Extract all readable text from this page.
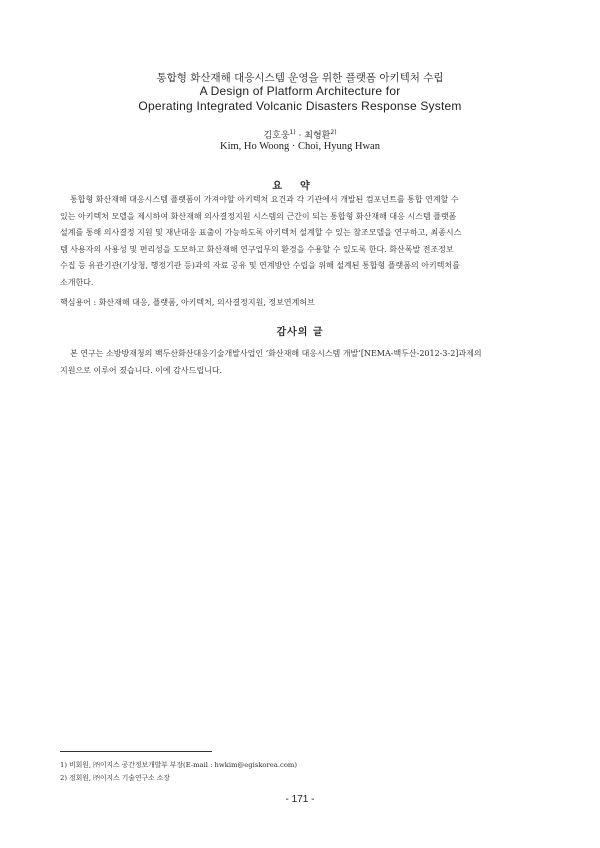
통합형 화산재해 대응시스템 운영을 위한 플랫폼 아키텍처 수립
A Design of Platform Architecture for
Operating Integrated Volcanic Disasters Response System
김호웅$^{1)}$ · 최형환$^{2)}$
Kim, Ho Woong · Choi, Hyung Hwan
요약
통합형 화산재해 대응시스템 플랫폼이 가져야할 아키텍처 요건과 각 기관에서 개발된 컴포넌트를 통합 연계할 수
있는 아키텍처 모델을 제시하여 화산재해 의사결정지원 시스템의 근간이 되는 통합형 화산재해 대응 시스템 플랫폼
설계를 통해 의사결정 지원 및 재난대응 표출이 가능하도록 아키텍처 설계할 수 있는 참조모델을 연구하고, 최종시스
템 사용자의 사용성 및 편리성을 도모하고 화산재해 연구업무의 환경을 수용할 수 있도록 한다. 화산폭발 전조정보
수집 등 유관기관(기상청, 행정기관 등)과의 자료 공유 및 연계방안 수립을 위해 설계된 통합형 플랫폼의 아키텍처를
소개한다.
핵심용어 : 화산재해 대응, 플랫폼, 아키텍처, 의사결정지원, 정보연계허브
감사의 글
본 연구는 소방방재청의 백두산화산대응기술개발사업인 ‘화산재해 대응시스템 개발’[NEMA-백두산-2012-3-2]과제의
지원으로 이루어 졌습니다. 이에 감사드립니다.
1) 비회원, ㈜이지스 공간정보개발부 부장(E-mail : hwkim@egiskorea.com)
2) 정회원, ㈜이지스 기술연구소 소장
- 171 -
